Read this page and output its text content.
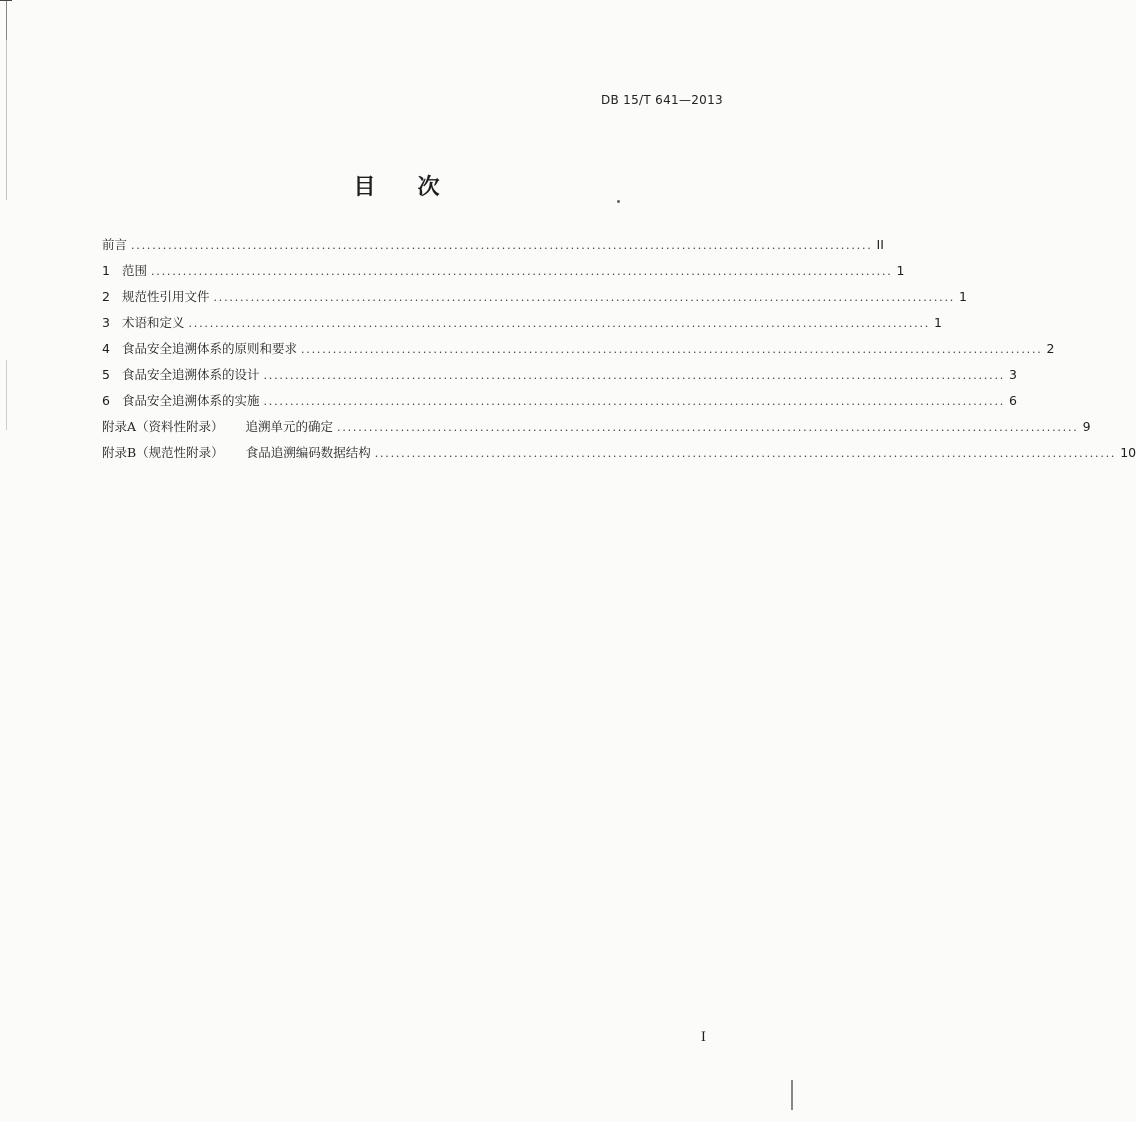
DB 15/T 641—2013
目 次
前言 ............................................................................................................................................ II
1 范围 ............................................................................................................................................ 1
2 规范性引用文件 ............................................................................................................................................ 1
3 术语和定义 ............................................................................................................................................ 1
4 食品安全追溯体系的原则和要求 ............................................................................................................................................ 2
5 食品安全追溯体系的设计 ............................................................................................................................................ 3
6 食品安全追溯体系的实施 ............................................................................................................................................ 6
附录A（资料性附录）	追溯单元的确定 ............................................................................................................................................ 9
附录B（规范性附录）	食品追溯编码数据结构 ............................................................................................................................................ 10
I
